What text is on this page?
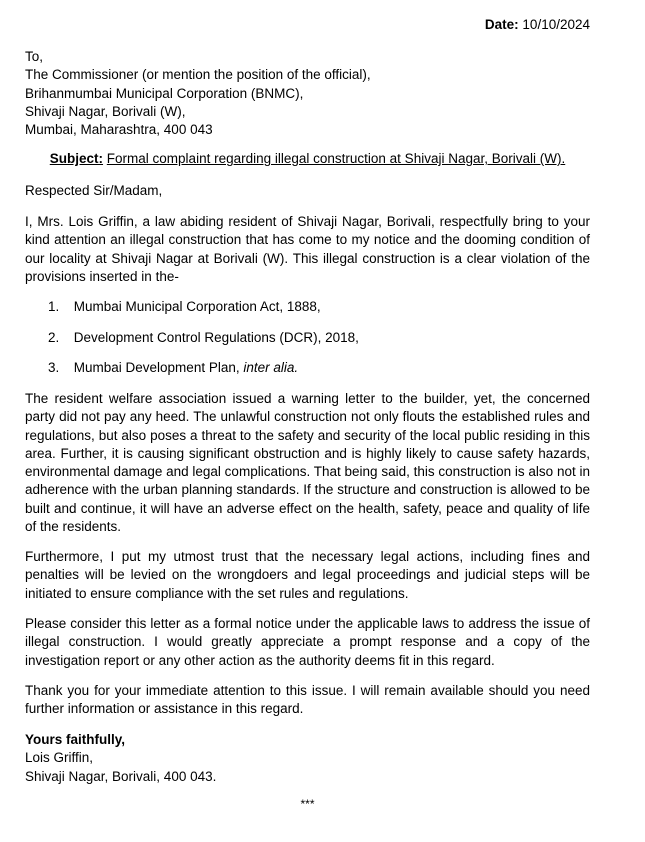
Date: 10/10/2024
To,
The Commissioner (or mention the position of the official),
Brihanmumbai Municipal Corporation (BNMC),
Shivaji Nagar, Borivali (W),
Mumbai, Maharashtra, 400 043
Subject: Formal complaint regarding illegal construction at Shivaji Nagar, Borivali (W).
Respected Sir/Madam,
I, Mrs. Lois Griffin, a law abiding resident of Shivaji Nagar, Borivali, respectfully bring to your kind attention an illegal construction that has come to my notice and the dooming condition of our locality at Shivaji Nagar at Borivali (W). This illegal construction is a clear violation of the provisions inserted in the-
1. Mumbai Municipal Corporation Act, 1888,
2. Development Control Regulations (DCR), 2018,
3. Mumbai Development Plan, inter alia.
The resident welfare association issued a warning letter to the builder, yet, the concerned party did not pay any heed. The unlawful construction not only flouts the established rules and regulations, but also poses a threat to the safety and security of the local public residing in this area. Further, it is causing significant obstruction and is highly likely to cause safety hazards, environmental damage and legal complications. That being said, this construction is also not in adherence with the urban planning standards. If the structure and construction is allowed to be built and continue, it will have an adverse effect on the health, safety, peace and quality of life of the residents.
Furthermore, I put my utmost trust that the necessary legal actions, including fines and penalties will be levied on the wrongdoers and legal proceedings and judicial steps will be initiated to ensure compliance with the set rules and regulations.
Please consider this letter as a formal notice under the applicable laws to address the issue of illegal construction. I would greatly appreciate a prompt response and a copy of the investigation report or any other action as the authority deems fit in this regard.
Thank you for your immediate attention to this issue. I will remain available should you need further information or assistance in this regard.
Yours faithfully,
Lois Griffin,
Shivaji Nagar, Borivali, 400 043.
***
